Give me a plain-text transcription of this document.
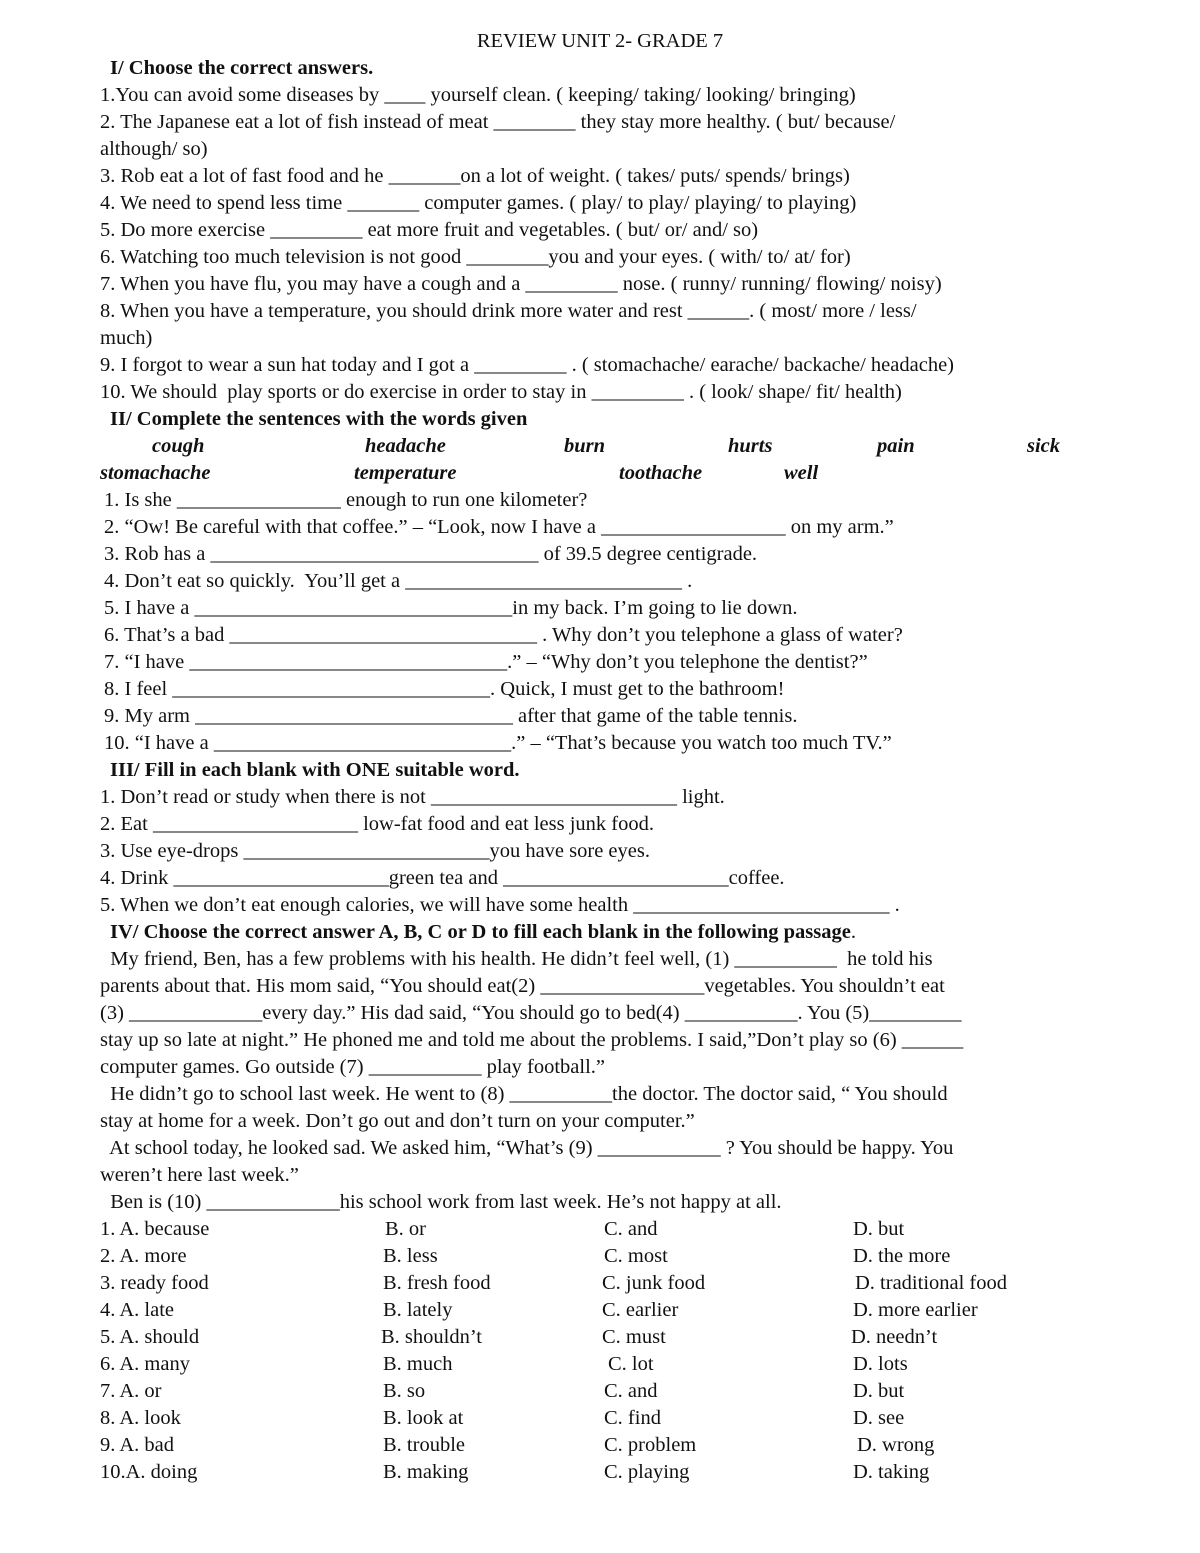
REVIEW UNIT 2- GRADE 7
I/ Choose the correct answers.
1.You can avoid some diseases by ____ yourself clean. ( keeping/ taking/ looking/ bringing)
2. The Japanese eat a lot of fish instead of meat ________ they stay more healthy. ( but/ because/
although/ so)
3. Rob eat a lot of fast food and he _______on a lot of weight. ( takes/ puts/ spends/ brings)
4. We need to spend less time _______ computer games. ( play/ to play/ playing/ to playing)
5. Do more exercise _________ eat more fruit and vegetables. ( but/ or/ and/ so)
6. Watching too much television is not good ________you and your eyes. ( with/ to/ at/ for)
7. When you have flu, you may have a cough and a _________ nose. ( runny/ running/ flowing/ noisy)
8. When you have a temperature, you should drink more water and rest ______. ( most/ more / less/
much)
9. I forgot to wear a sun hat today and I got a _________ . ( stomachache/ earache/ backache/ headache)
10. We should  play sports or do exercise in order to stay in _________ . ( look/ shape/ fit/ health)
II/ Complete the sentences with the words given
cough	headache	burn	hurts	pain	sick
stomachache	temperature	toothache	well
1. Is she ________________ enough to run one kilometer?
2. “Ow! Be careful with that coffee.” – “Look, now I have a __________________ on my arm.”
3. Rob has a ________________________________ of 39.5 degree centigrade.
4. Don’t eat so quickly.  You’ll get a ___________________________ .
5. I have a _______________________________in my back. I’m going to lie down.
6. That’s a bad ______________________________ . Why don’t you telephone a glass of water?
7. “I have _______________________________.” – “Why don’t you telephone the dentist?”
8. I feel _______________________________. Quick, I must get to the bathroom!
9. My arm _______________________________ after that game of the table tennis.
10. “I have a _____________________________.” – “That’s because you watch too much TV.”
III/ Fill in each blank with ONE suitable word.
1. Don’t read or study when there is not ________________________ light.
2. Eat ____________________ low-fat food and eat less junk food.
3. Use eye-drops ________________________you have sore eyes.
4. Drink _____________________green tea and ______________________coffee.
5. When we don’t eat enough calories, we will have some health _________________________ .
IV/ Choose the correct answer A, B, C or D to fill each blank in the following passage.
My friend, Ben, has a few problems with his health. He didn’t feel well, (1) __________  he told his
parents about that. His mom said, “You should eat(2) ________________vegetables. You shouldn’t eat
(3) _____________every day.” His dad said, “You should go to bed(4) ___________. You (5)_________
stay up so late at night.” He phoned me and told me about the problems. I said,”Don’t play so (6) ______
computer games. Go outside (7) ___________ play football.”
He didn’t go to school last week. He went to (8) __________the doctor. The doctor said, “ You should
stay at home for a week. Don’t go out and don’t turn on your computer.”
At school today, he looked sad. We asked him, “What’s (9) ____________ ? You should be happy. You
weren’t here last week.”
Ben is (10) _____________his school work from last week. He’s not happy at all.
1. A. because	B. or	C. and	D. but
2. A. more	B. less	C. most	D. the more
3. ready food	B. fresh food	C. junk food	D. traditional food
4. A. late	B. lately	C. earlier	D. more earlier
5. A. should	B. shouldn’t	C. must	D. needn’t
6. A. many	B. much	C. lot	D. lots
7. A. or	B. so	C. and	D. but
8. A. look	B. look at	C. find	D. see
9. A. bad	B. trouble	C. problem	D. wrong
10.A. doing	B. making	C. playing	D. taking
